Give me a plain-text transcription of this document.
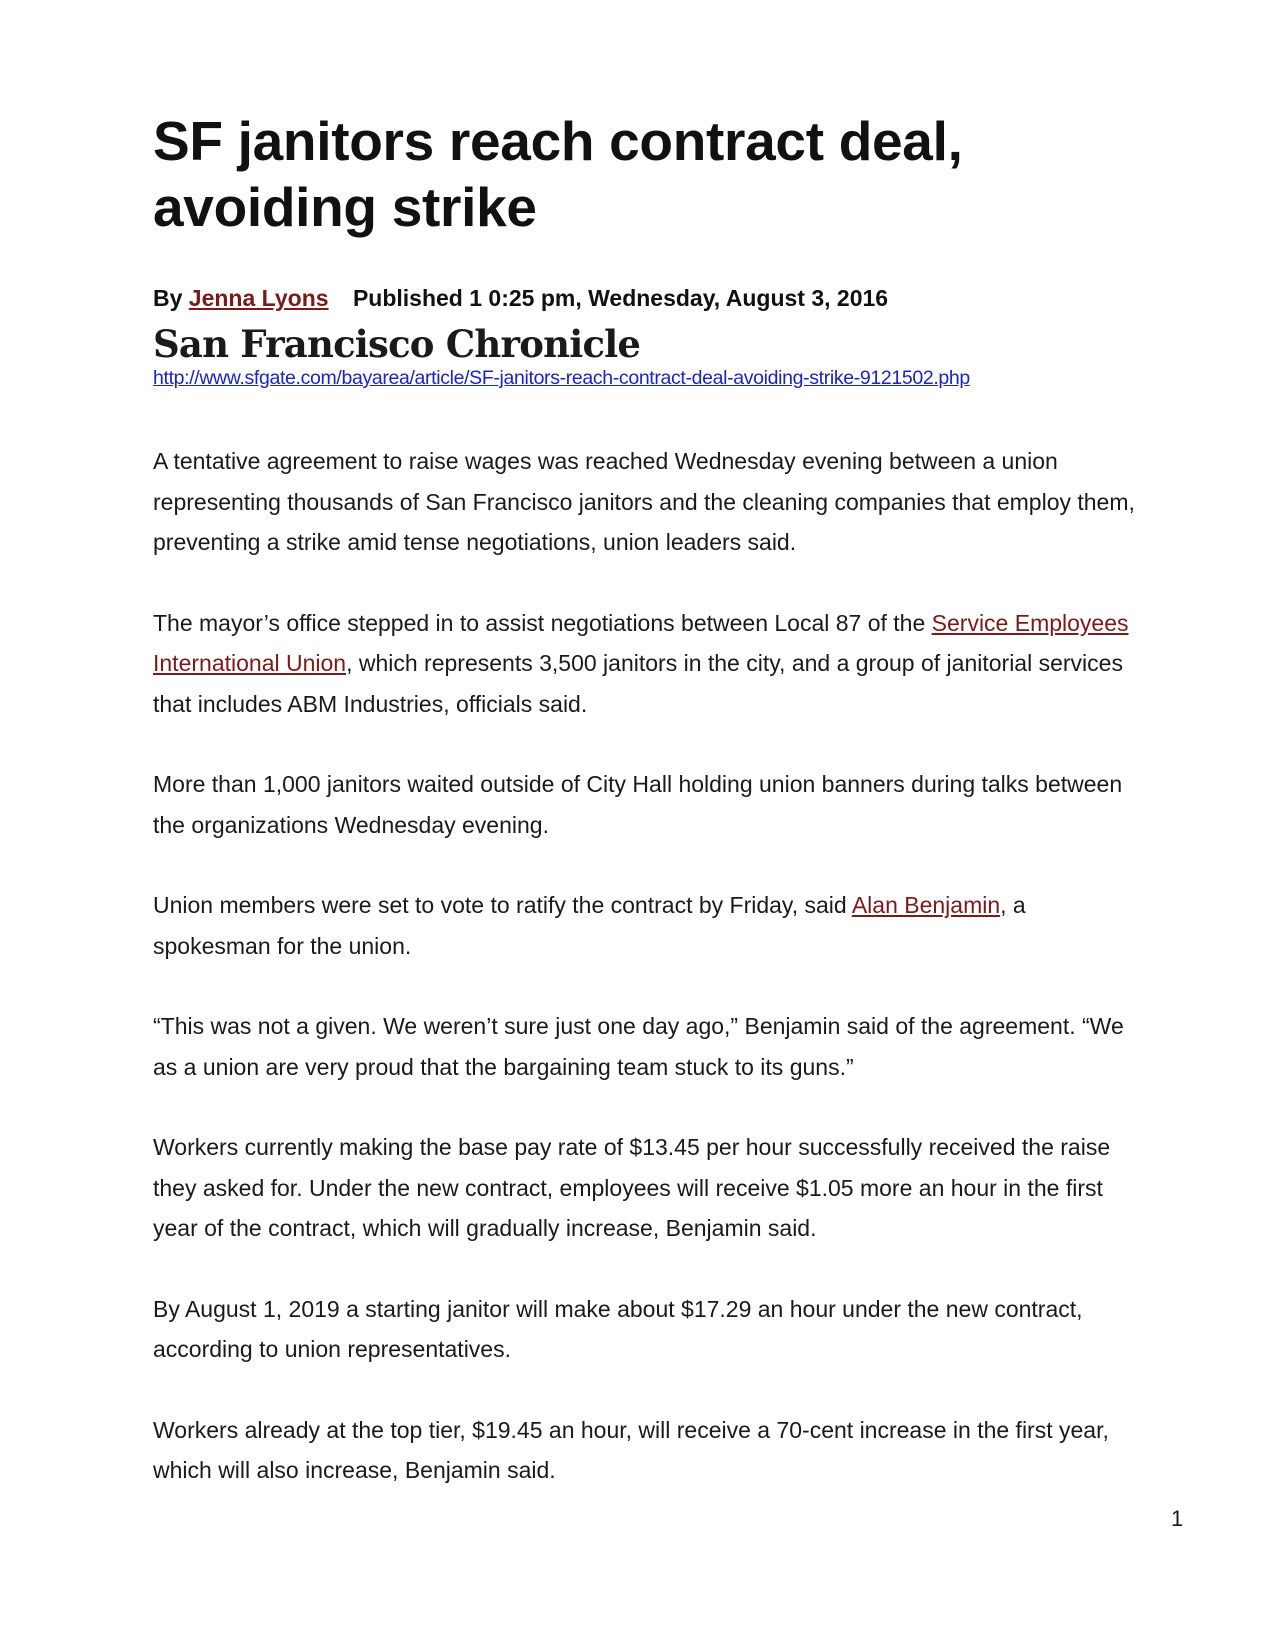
SF janitors reach contract deal, avoiding strike
By Jenna Lyons Published 1 0:25 pm, Wednesday, August 3, 2016
San Francisco Chronicle
http://www.sfgate.com/bayarea/article/SF-janitors-reach-contract-deal-avoiding-strike-9121502.php

A tentative agreement to raise wages was reached Wednesday evening between a union representing thousands of San Francisco janitors and the cleaning companies that employ them, preventing a strike amid tense negotiations, union leaders said.

The mayor’s office stepped in to assist negotiations between Local 87 of the Service Employees International Union, which represents 3,500 janitors in the city, and a group of janitorial services that includes ABM Industries, officials said.

More than 1,000 janitors waited outside of City Hall holding union banners during talks between the organizations Wednesday evening.

Union members were set to vote to ratify the contract by Friday, said Alan Benjamin, a spokesman for the union.

“This was not a given. We weren’t sure just one day ago,” Benjamin said of the agreement. “We as a union are very proud that the bargaining team stuck to its guns.”

Workers currently making the base pay rate of $13.45 per hour successfully received the raise they asked for. Under the new contract, employees will receive $1.05 more an hour in the first year of the contract, which will gradually increase, Benjamin said.

By August 1, 2019 a starting janitor will make about $17.29 an hour under the new contract, according to union representatives.

Workers already at the top tier, $19.45 an hour, will receive a 70-cent increase in the first year, which will also increase, Benjamin said.

1
